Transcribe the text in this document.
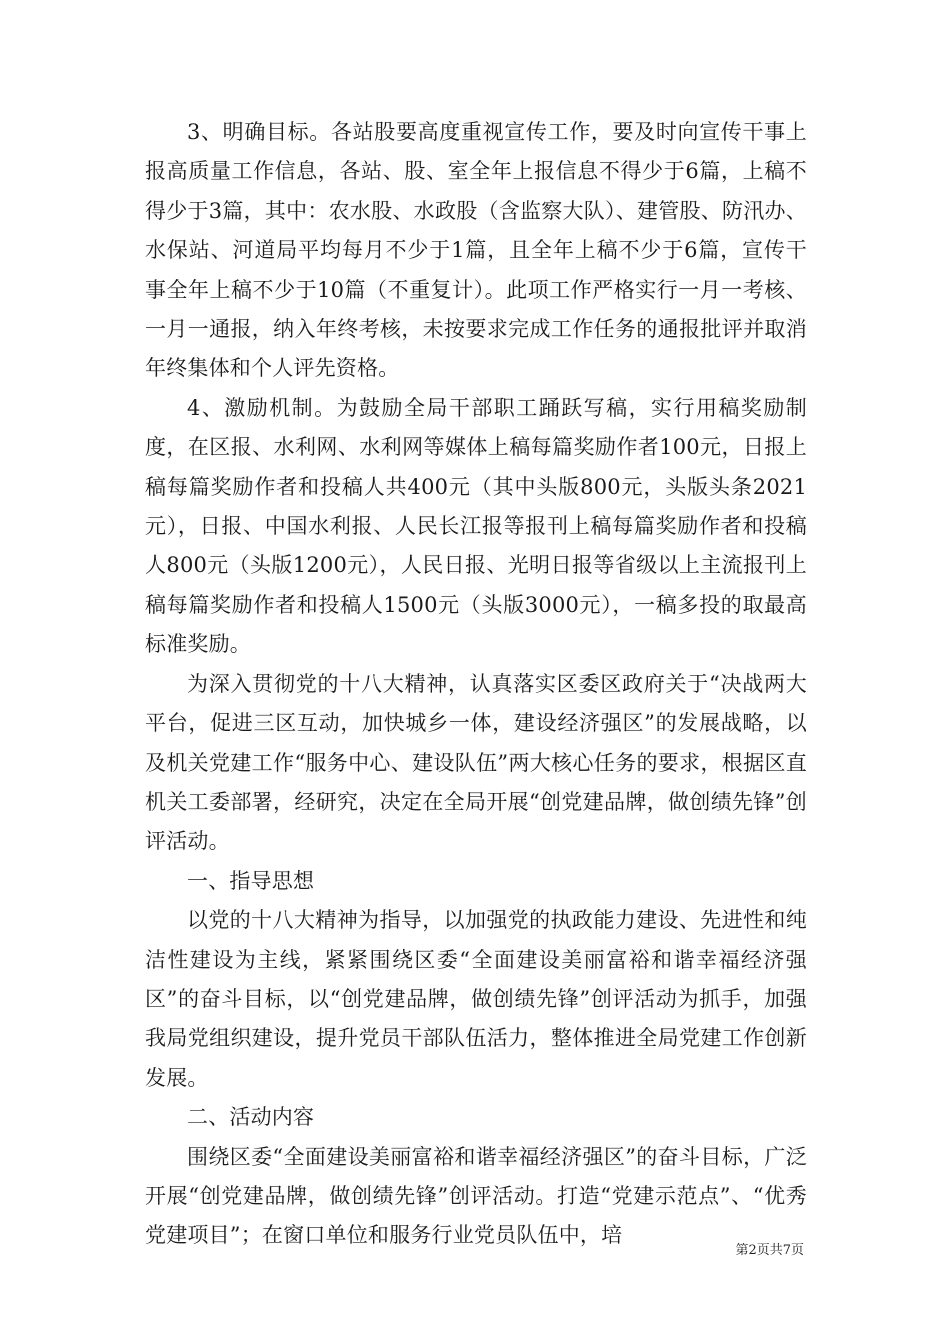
3、明确目标。各站股要高度重视宣传工作，要及时向宣传干事上报高质量工作信息，各站、股、室全年上报信息不得少于6篇，上稿不得少于3篇，其中：农水股、水政股（含监察大队）、建管股、防汛办、水保站、河道局平均每月不少于1篇，且全年上稿不少于6篇，宣传干事全年上稿不少于10篇（不重复计）。此项工作严格实行一月一考核、一月一通报，纳入年终考核，未按要求完成工作任务的通报批评并取消年终集体和个人评先资格。

4、激励机制。为鼓励全局干部职工踊跃写稿，实行用稿奖励制度，在区报、水利网、水利网等媒体上稿每篇奖励作者100元，日报上稿每篇奖励作者和投稿人共400元（其中头版800元，头版头条2021元），日报、中国水利报、人民长江报等报刊上稿每篇奖励作者和投稿人800元（头版1200元），人民日报、光明日报等省级以上主流报刊上稿每篇奖励作者和投稿人1500元（头版3000元），一稿多投的取最高标准奖励。

为深入贯彻党的十八大精神，认真落实区委区政府关于“决战两大平台，促进三区互动，加快城乡一体，建设经济强区”的发展战略，以及机关党建工作“服务中心、建设队伍”两大核心任务的要求，根据区直机关工委部署，经研究，决定在全局开展“创党建品牌，做创绩先锋”创评活动。

一、指导思想

以党的十八大精神为指导，以加强党的执政能力建设、先进性和纯洁性建设为主线，紧紧围绕区委“全面建设美丽富裕和谐幸福经济强区”的奋斗目标，以“创党建品牌，做创绩先锋”创评活动为抓手，加强我局党组织建设，提升党员干部队伍活力，整体推进全局党建工作创新发展。

二、活动内容

围绕区委“全面建设美丽富裕和谐幸福经济强区”的奋斗目标，广泛开展“创党建品牌，做创绩先锋”创评活动。打造“党建示范点”、“优秀党建项目”；在窗口单位和服务行业党员队伍中，培

第2页共7页
